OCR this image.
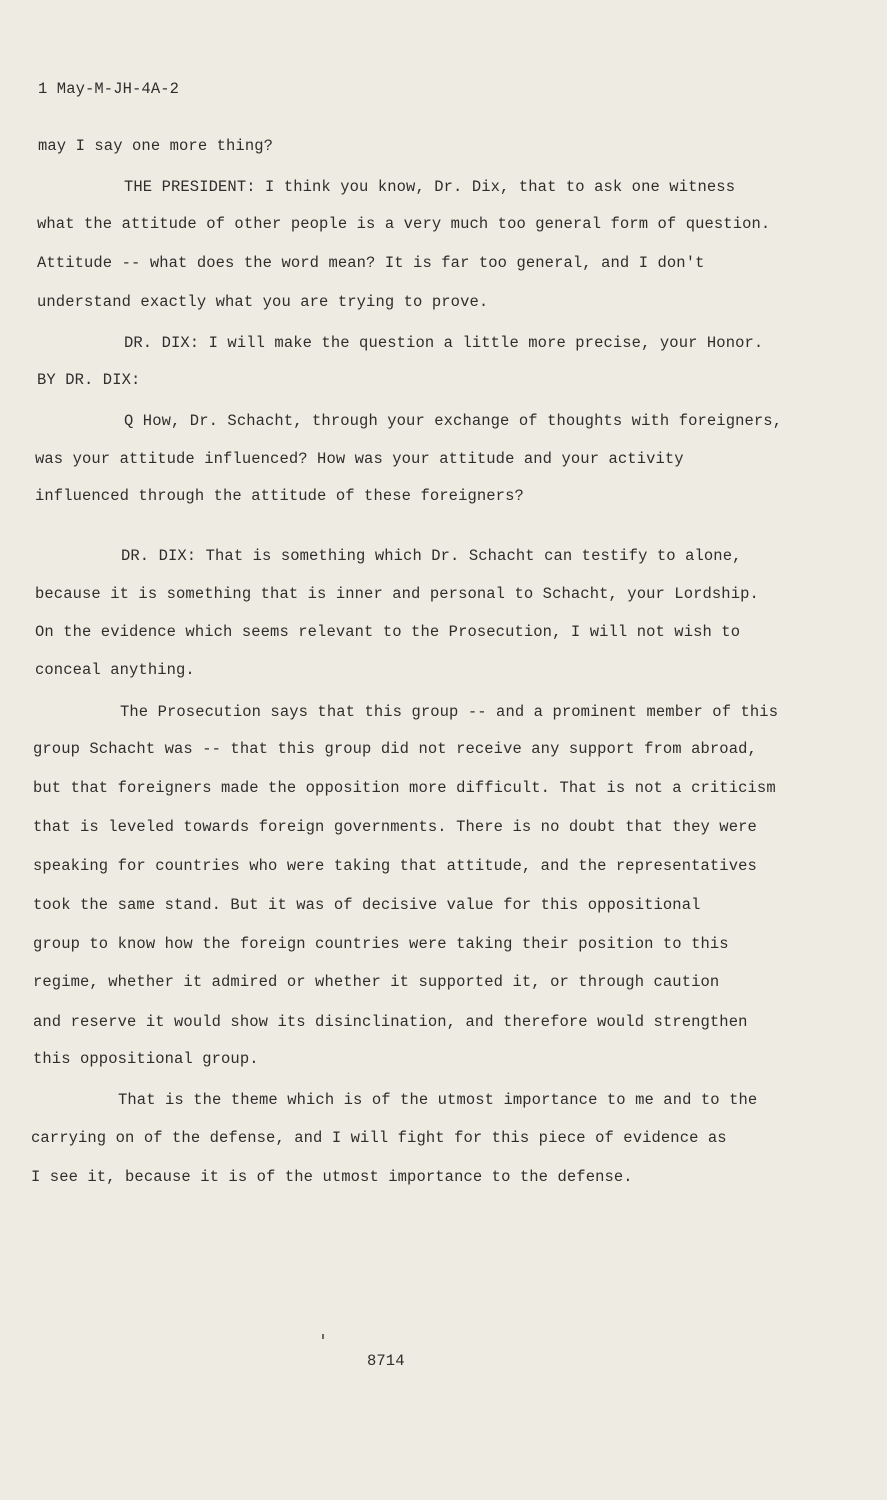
1 May-M-JH-4A-2
may I say one more thing?
THE PRESIDENT: I think you know, Dr. Dix, that to ask one witness
what the attitude of other people is a very much too general form of question.
Attitude -- what does the word mean? It is far too general, and I don't
understand exactly what you are trying to prove.
DR. DIX: I will make the question a little more precise, your Honor.
BY DR. DIX:
Q How, Dr. Schacht, through your exchange of thoughts with foreigners,
was your attitude influenced? How was your attitude and your activity
influenced through the attitude of these foreigners?
DR. DIX: That is something which Dr. Schacht can testify to alone,
because it is something that is inner and personal to Schacht, your Lordship.
On the evidence which seems relevant to the Prosecution, I will not wish to
conceal anything.
The Prosecution says that this group -- and a prominent member of this
group Schacht was -- that this group did not receive any support from abroad,
but that foreigners made the opposition more difficult. That is not a criticism
that is leveled towards foreign governments. There is no doubt that they were
speaking for countries who were taking that attitude, and the representatives
took the same stand. But it was of decisive value for this oppositional
group to know how the foreign countries were taking their position to this
regime, whether it admired or whether it supported it, or through caution
and reserve it would show its disinclination, and therefore would strengthen
this oppositional group.
That is the theme which is of the utmost importance to me and to the
carrying on of the defense, and I will fight for this piece of evidence as
I see it, because it is of the utmost importance to the defense.
8714
